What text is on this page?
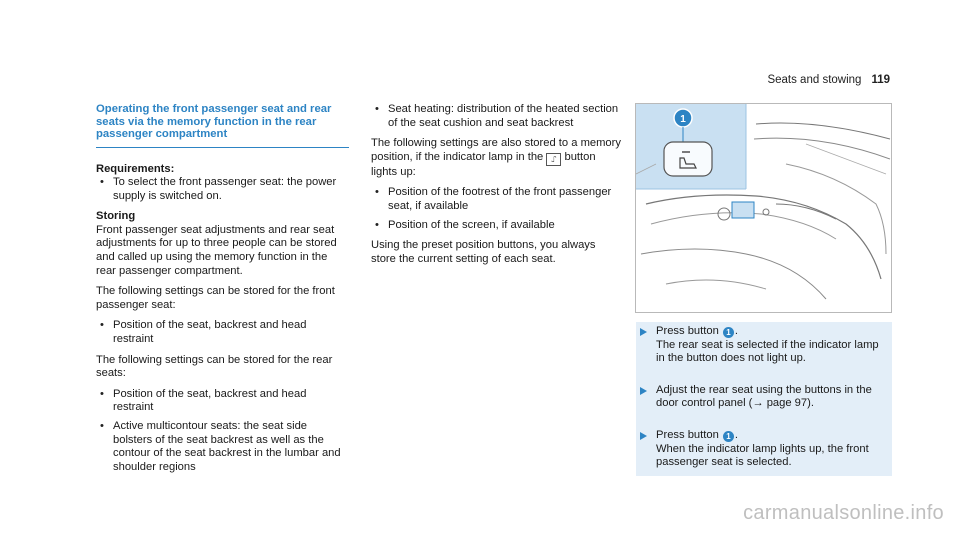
Seats and stowing 119
Operating the front passenger seat and rear seats via the memory function in the rear passenger compartment
Requirements:
• To select the front passenger seat: the power supply is switched on.
Storing

Front passenger seat adjustments and rear seat adjustments for up to three people can be stored and called up using the memory function in the rear passenger compartment.

The following settings can be stored for the front passenger seat:

• Position of the seat, backrest and head restraint

The following settings can be stored for the rear seats:

• Position of the seat, backrest and head restraint
• Active multicontour seats: the seat side bolsters of the seat backrest as well as the contour of the seat backrest in the lumbar and shoulder regions
• Seat heating: distribution of the heated section of the seat cushion and seat backrest

The following settings are also stored to a memory position, if the indicator lamp in the ⑀ button lights up:

• Position of the footrest of the front passenger seat, if available
• Position of the screen, if available

Using the preset position buttons, you always store the current setting of each seat.

1
Press button 1 .
The rear seat is selected if the indicator lamp in the button does not light up.
Adjust the rear seat using the buttons in the door control panel (→ page 97).
Press button 1 .
When the indicator lamp lights up, the front passenger seat is selected.
carmanualsonline.info
